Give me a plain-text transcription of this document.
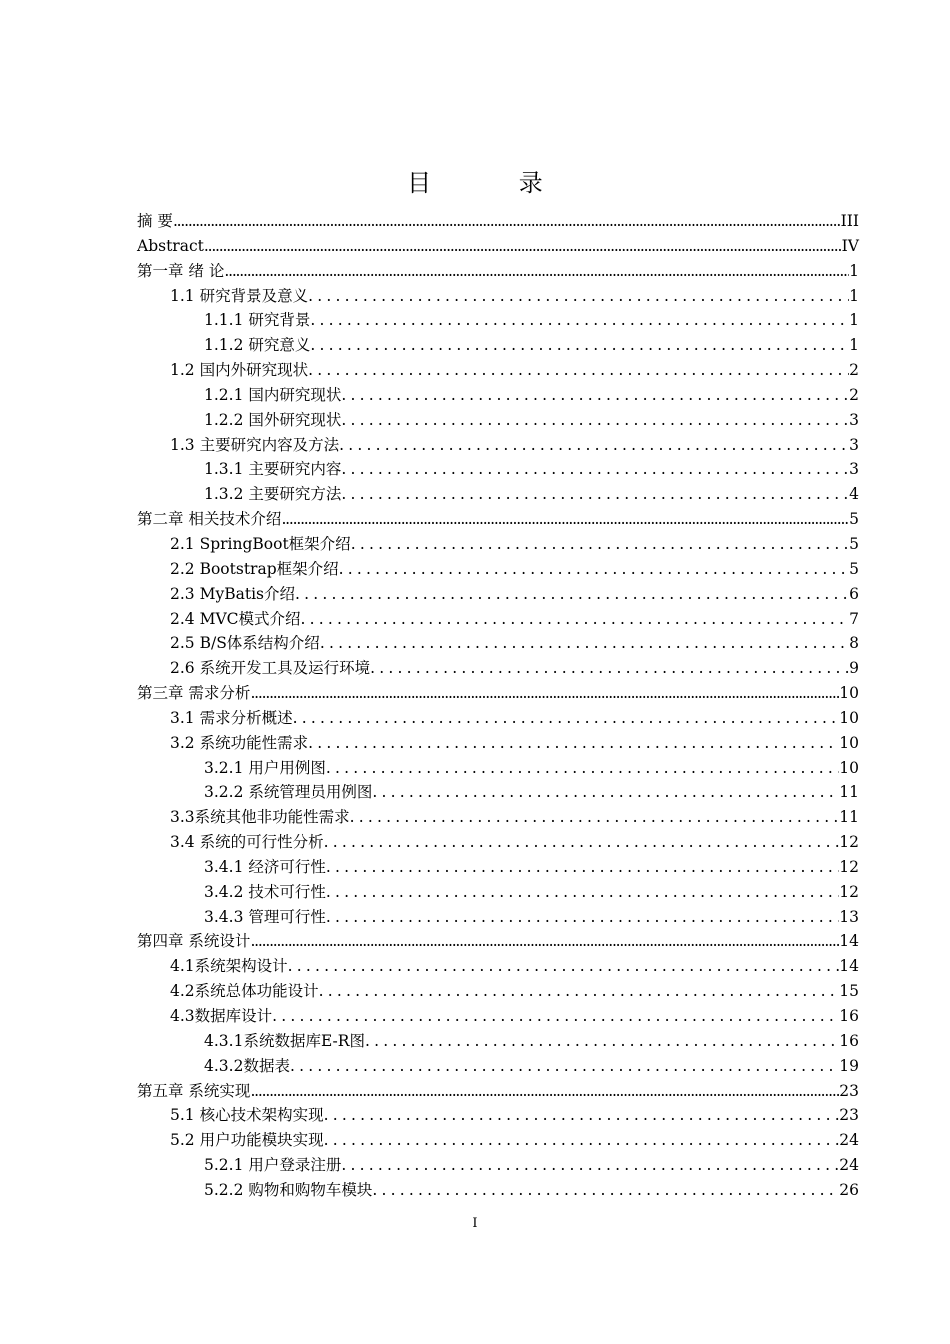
目 录
摘 要 .....	III
Abstract .....	IV
第一章 绪 论 .....	1
1.1 研究背景及意义 .....	1
1.1.1 研究背景 .....	1
1.1.2 研究意义 .....	1
1.2 国内外研究现状 .....	2
1.2.1 国内研究现状 .....	2
1.2.2 国外研究现状 .....	3
1.3 主要研究内容及方法 .....	3
1.3.1 主要研究内容 .....	3
1.3.2 主要研究方法 .....	4
第二章 相关技术介绍 .....	5
2.1 SpringBoot框架介绍 .....	5
2.2 Bootstrap框架介绍 .....	5
2.3 MyBatis介绍 .....	6
2.4 MVC模式介绍 .....	7
2.5 B/S体系结构介绍 .....	8
2.6 系统开发工具及运行环境 .....	9
第三章 需求分析 .....	10
3.1 需求分析概述 .....	10
3.2 系统功能性需求 .....	10
3.2.1 用户用例图 .....	10
3.2.2 系统管理员用例图 .....	11
3.3系统其他非功能性需求 .....	11
3.4 系统的可行性分析 .....	12
3.4.1 经济可行性 .....	12
3.4.2 技术可行性 .....	12
3.4.3 管理可行性 .....	13
第四章 系统设计 .....	14
4.1系统架构设计 .....	14
4.2系统总体功能设计 .....	15
4.3数据库设计 .....	16
4.3.1系统数据库E-R图 .....	16
4.3.2数据表 .....	19
第五章 系统实现 .....	23
5.1 核心技术架构实现 .....	23
5.2 用户功能模块实现 .....	24
5.2.1 用户登录注册 .....	24
5.2.2 购物和购物车模块 .....	26
I
